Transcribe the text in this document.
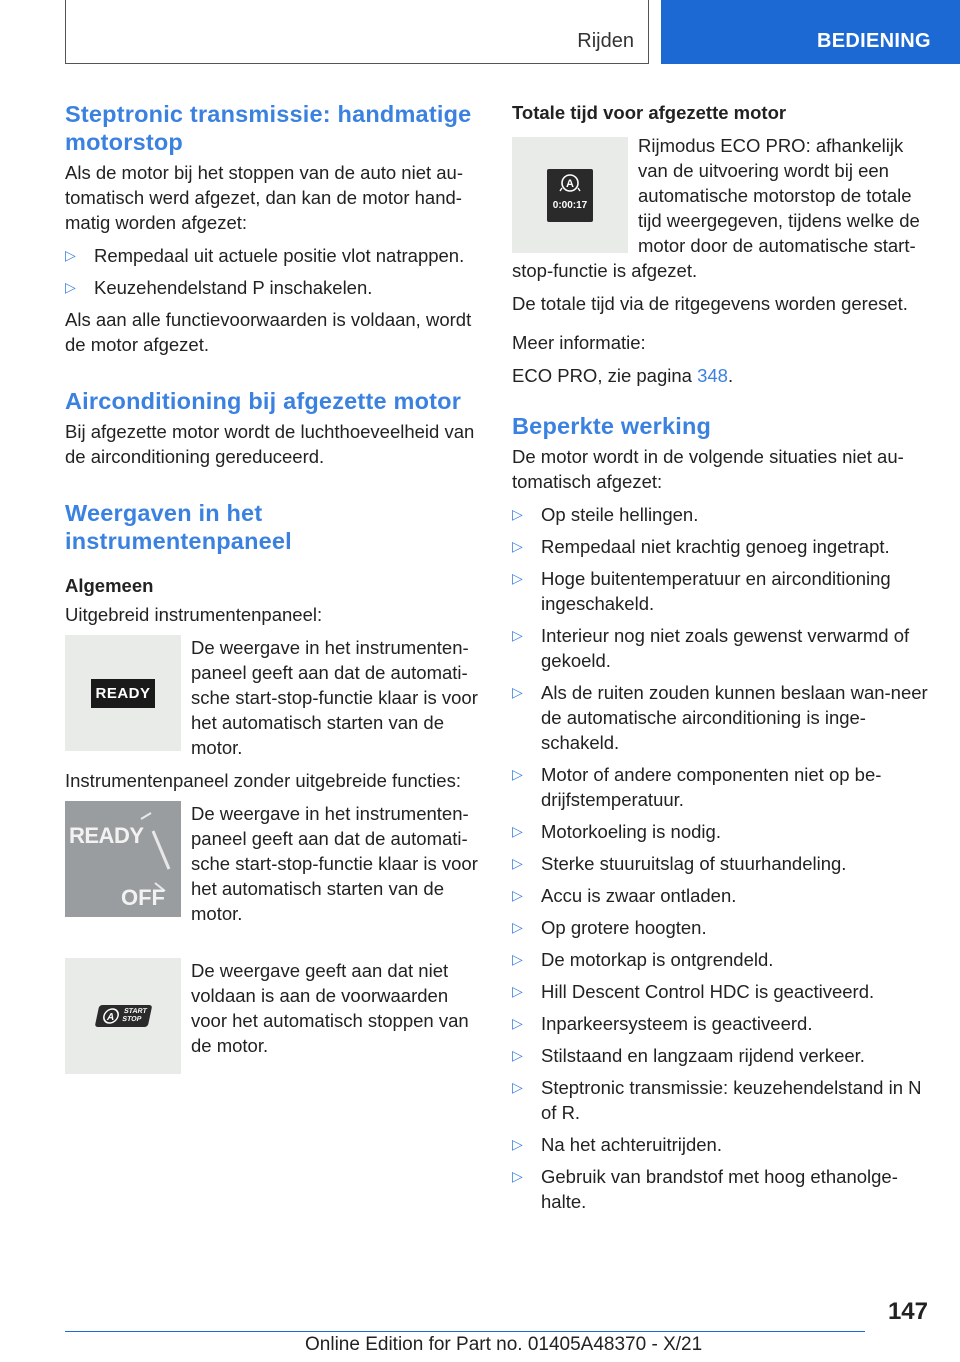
Rijden	BEDIENING
Steptronic transmissie: handmatige motorstop

Als de motor bij het stoppen van de auto niet au-tomatisch werd afgezet, dan kan de motor hand-matig worden afgezet:

▷ Rempedaal uit actuele positie vlot natrappen.
▷ Keuzehendelstand P inschakelen.

Als aan alle functievoorwaarden is voldaan, wordt de motor afgezet.

Airconditioning bij afgezette motor

Bij afgezette motor wordt de luchthoeveelheid van de airconditioning gereduceerd.

Weergaven in het instrumentenpaneel
Algemeen

Uitgebreid instrumentenpaneel:

READY
De weergave in het instrumenten-paneel geeft aan dat de automati-sche start-stop-functie klaar is voor het automatisch starten van de motor.

Instrumentenpaneel zonder uitgebreide functies:

READY
OFF
De weergave in het instrumenten-paneel geeft aan dat de automati-sche start-stop-functie klaar is voor het automatisch starten van de motor.
A
START
STOP
De weergave geeft aan dat niet voldaan is aan de voorwaarden voor het automatisch stoppen van de motor.
Totale tijd voor afgezette motor
A
0:00:17
Rijmodus ECO PRO: afhankelijk van de uitvoering wordt bij een automatische motorstop de totale tijd weergegeven, tijdens welke de motor door de automatische start-stop-functie is afgezet.

De totale tijd via de ritgegevens worden gereset.

Meer informatie:

ECO PRO, zie pagina 348.

Beperkte werking

De motor wordt in de volgende situaties niet au-tomatisch afgezet:

▷ Op steile hellingen.
▷ Rempedaal niet krachtig genoeg ingetrapt.
▷ Hoge buitentemperatuur en airconditioning ingeschakeld.
▷ Interieur nog niet zoals gewenst verwarmd of gekoeld.
▷ Als de ruiten zouden kunnen beslaan wan-neer de automatische airconditioning is inge-schakeld.
▷ Motor of andere componenten niet op be-drijfstemperatuur.
▷ Motorkoeling is nodig.
▷ Sterke stuuruitslag of stuurhandeling.
▷ Accu is zwaar ontladen.
▷ Op grotere hoogten.
▷ De motorkap is ontgrendeld.
▷ Hill Descent Control HDC is geactiveerd.
▷ Inparkeersysteem is geactiveerd.
▷ Stilstaand en langzaam rijdend verkeer.
▷ Steptronic transmissie: keuzehendelstand in N of R.
▷ Na het achteruitrijden.
▷ Gebruik van brandstof met hoog ethanolge-halte.
147
Online Edition for Part no. 01405A48370 - X/21
